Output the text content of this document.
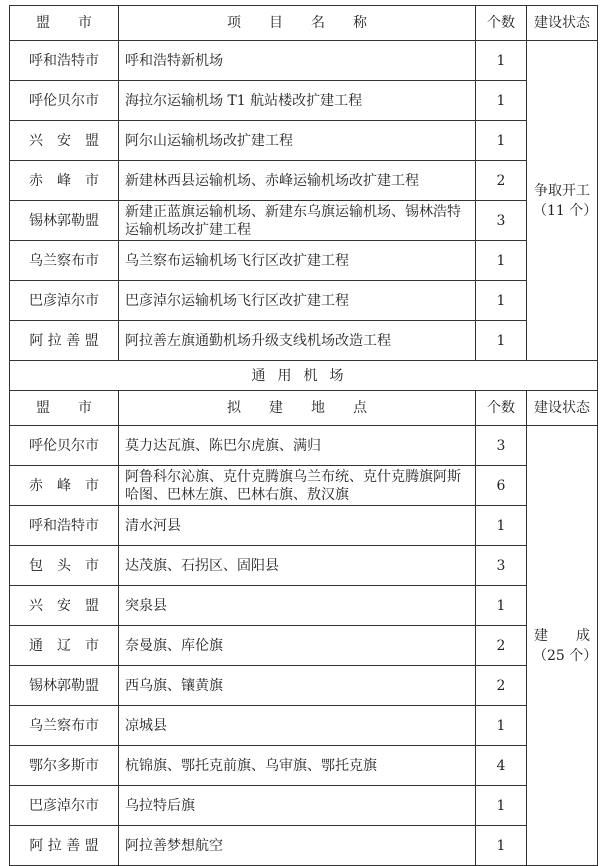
盟　　市	项　　目　　名　　称	个数	建设状态
呼和浩特市	呼和浩特新机场	1	争取开工
（11 个）

呼伦贝尔市	海拉尔运输机场 T1 航站楼改扩建工程	1	
兴　安　盟	阿尔山运输机场改扩建工程	1	
赤　峰　市	新建林西县运输机场、赤峰运输机场改扩建工程	2	
锡林郭勒盟	新建正蓝旗运输机场、新建东乌旗运输机场、锡林浩特运输机场改扩建工程	3	
乌兰察布市	乌兰察布运输机场飞行区改扩建工程	1	
巴彦淖尔市	巴彦淖尔运输机场飞行区改扩建工程	1	
阿 拉 善 盟	阿拉善左旗通勤机场升级支线机场改造工程	1	
通用机场			
盟　　市	拟　　建　　地　　点	个数	建设状态
呼伦贝尔市	莫力达瓦旗、陈巴尔虎旗、满归	3	建　　成
（25 个）

赤　峰　市	阿鲁科尔沁旗、克什克腾旗乌兰布统、克什克腾旗阿斯哈图、巴林左旗、巴林右旗、敖汉旗	6	
呼和浩特市	清水河县	1	
包　头　市	达茂旗、石拐区、固阳县	3	
兴　安　盟	突泉县	1	
通　辽　市	奈曼旗、库伦旗	2	
锡林郭勒盟	西乌旗、镶黄旗	2	
乌兰察布市	凉城县	1	
鄂尔多斯市	杭锦旗、鄂托克前旗、乌审旗、鄂托克旗	4	
巴彦淖尔市	乌拉特后旗	1	
阿 拉 善 盟	阿拉善梦想航空	1	
